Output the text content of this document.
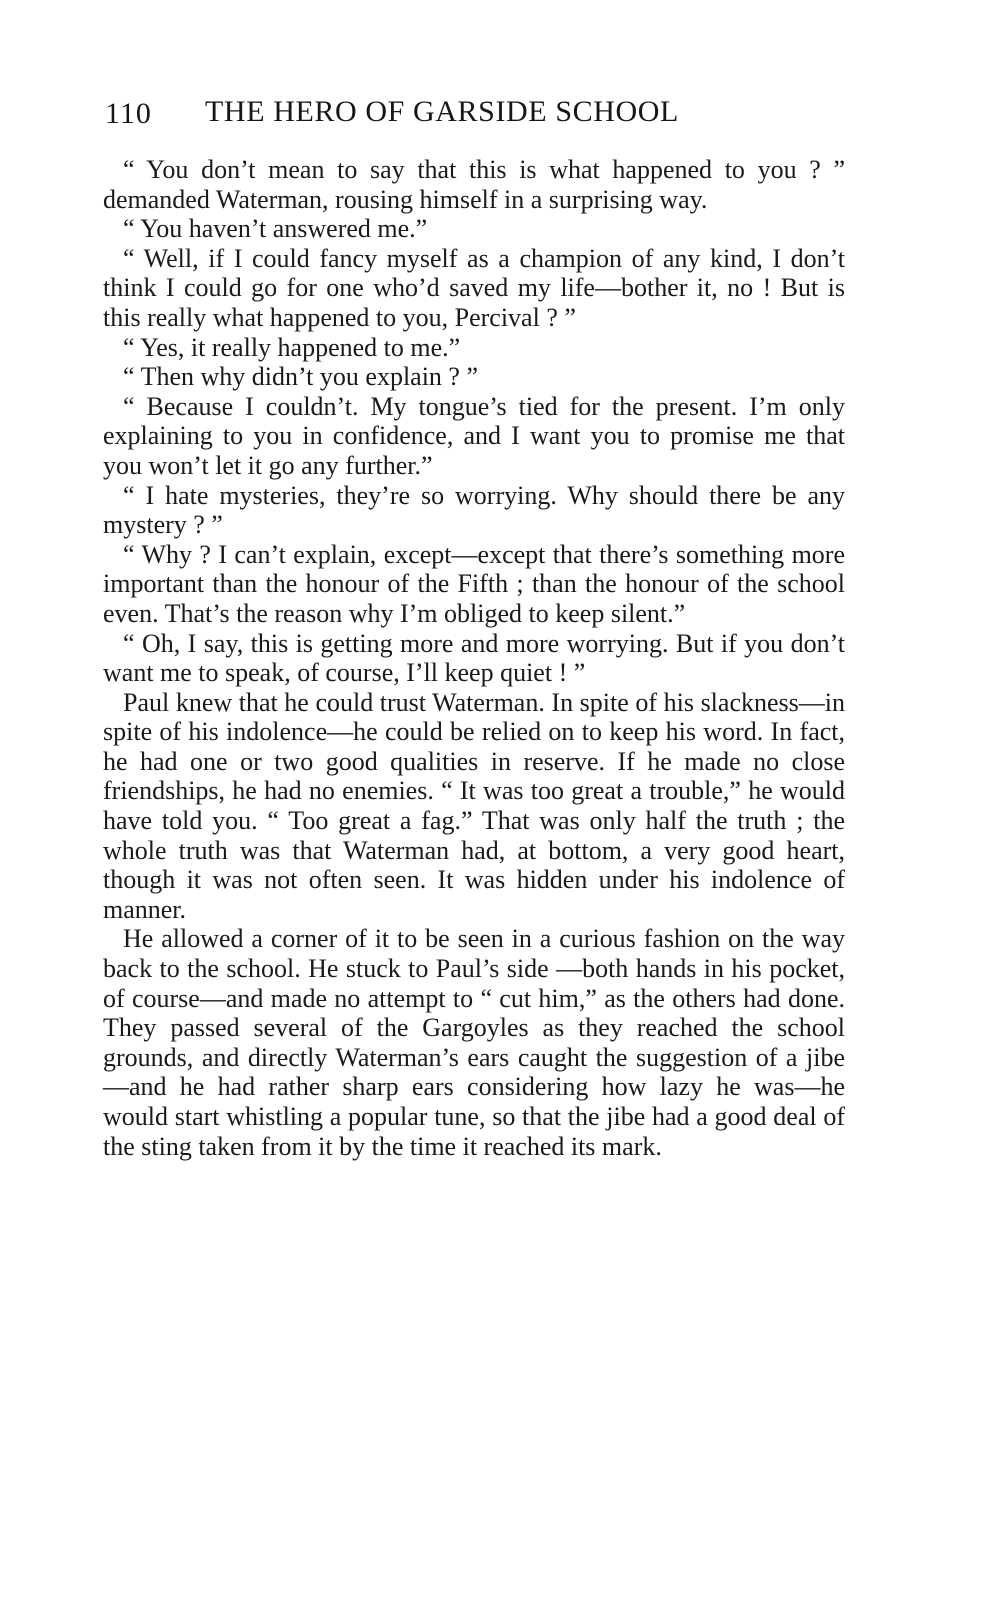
110 THE HERO OF GARSIDE SCHOOL

“ You don’t mean to say that this is what happened to you ? ” demanded Waterman, rousing himself in a surprising way.

“ You haven’t answered me.”

“ Well, if I could fancy myself as a champion of any kind, I don’t think I could go for one who’d saved my life—bother it, no ! But is this really what happened to you, Percival ? ”

“ Yes, it really happened to me.”

“ Then why didn’t you explain ? ”

“ Because I couldn’t. My tongue’s tied for the present. I’m only explaining to you in confidence, and I want you to promise me that you won’t let it go any further.”

“ I hate mysteries, they’re so worrying. Why should there be any mystery ? ”

“ Why ? I can’t explain, except—except that there’s something more important than the honour of the Fifth ; than the honour of the school even. That’s the reason why I’m obliged to keep silent.”

“ Oh, I say, this is getting more and more worrying. But if you don’t want me to speak, of course, I’ll keep quiet ! ”

Paul knew that he could trust Waterman. In spite of his slackness—in spite of his indolence—he could be relied on to keep his word. In fact, he had one or two good qualities in reserve. If he made no close friendships, he had no enemies. “ It was too great a trouble,” he would have told you. “ Too great a fag.” That was only half the truth ; the whole truth was that Waterman had, at bottom, a very good heart, though it was not often seen. It was hidden under his indolence of manner.

He allowed a corner of it to be seen in a curious fashion on the way back to the school. He stuck to Paul’s side —both hands in his pocket, of course—and made no attempt to “ cut him,” as the others had done. They passed several of the Gargoyles as they reached the school grounds, and directly Waterman’s ears caught the suggestion of a jibe—and he had rather sharp ears considering how lazy he was—he would start whistling a popular tune, so that the jibe had a good deal of the sting taken from it by the time it reached its mark.
